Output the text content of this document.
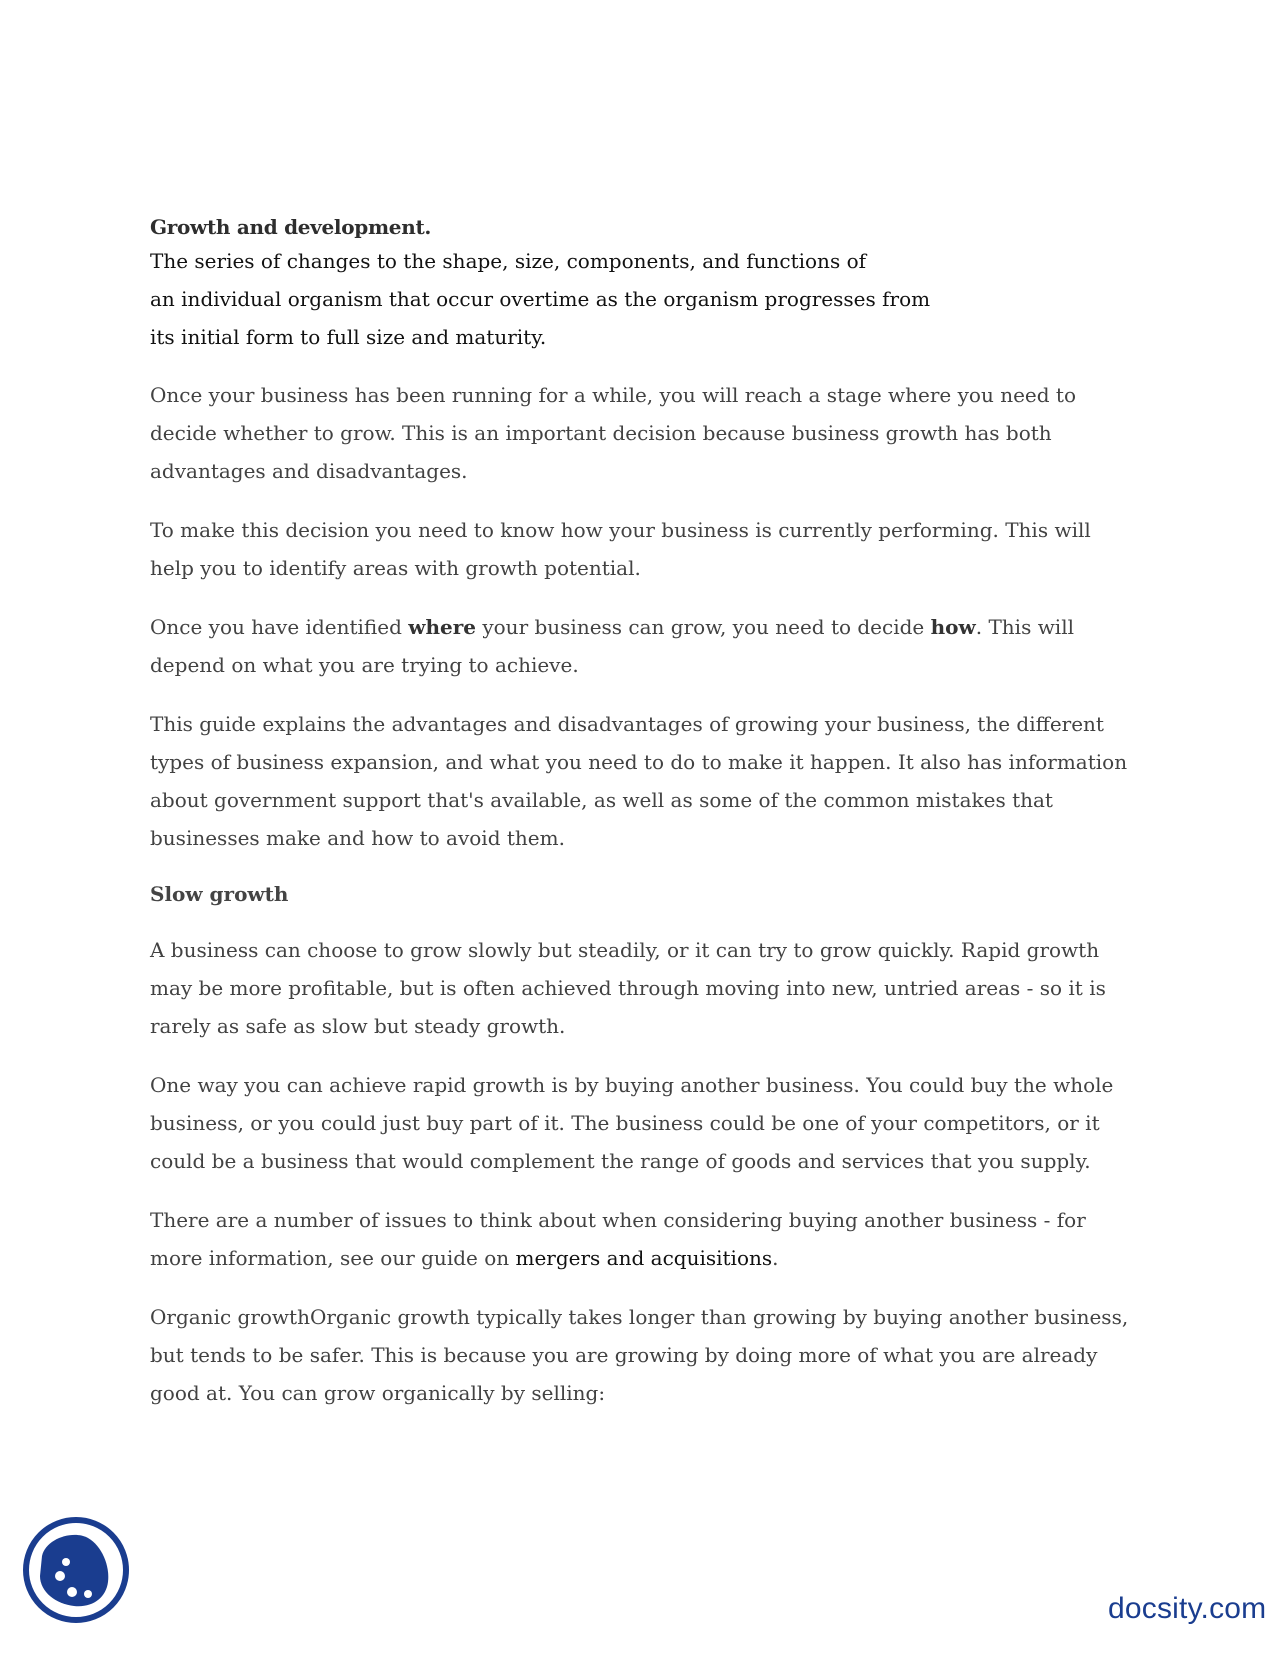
Growth and development.
The series of changes to the shape, size, components, and functions of
an individual organism that occur overtime as the organism progresses from
its initial form to full size and maturity.

Once your business has been running for a while, you will reach a stage where you need to decide whether to grow. This is an important decision because business growth has both advantages and disadvantages.

To make this decision you need to know how your business is currently performing. This will help you to identify areas with growth potential.

Once you have identified where your business can grow, you need to decide how. This will depend on what you are trying to achieve.

This guide explains the advantages and disadvantages of growing your business, the different types of business expansion, and what you need to do to make it happen. It also has information about government support that's available, as well as some of the common mistakes that businesses make and how to avoid them.

Slow growth

A business can choose to grow slowly but steadily, or it can try to grow quickly. Rapid growth may be more profitable, but is often achieved through moving into new, untried areas - so it is rarely as safe as slow but steady growth.

One way you can achieve rapid growth is by buying another business. You could buy the whole business, or you could just buy part of it. The business could be one of your competitors, or it could be a business that would complement the range of goods and services that you supply.

There are a number of issues to think about when considering buying another business - for more information, see our guide on mergers and acquisitions.

Organic growthOrganic growth typically takes longer than growing by buying another business, but tends to be safer. This is because you are growing by doing more of what you are already good at. You can grow organically by selling:

docsity.com
